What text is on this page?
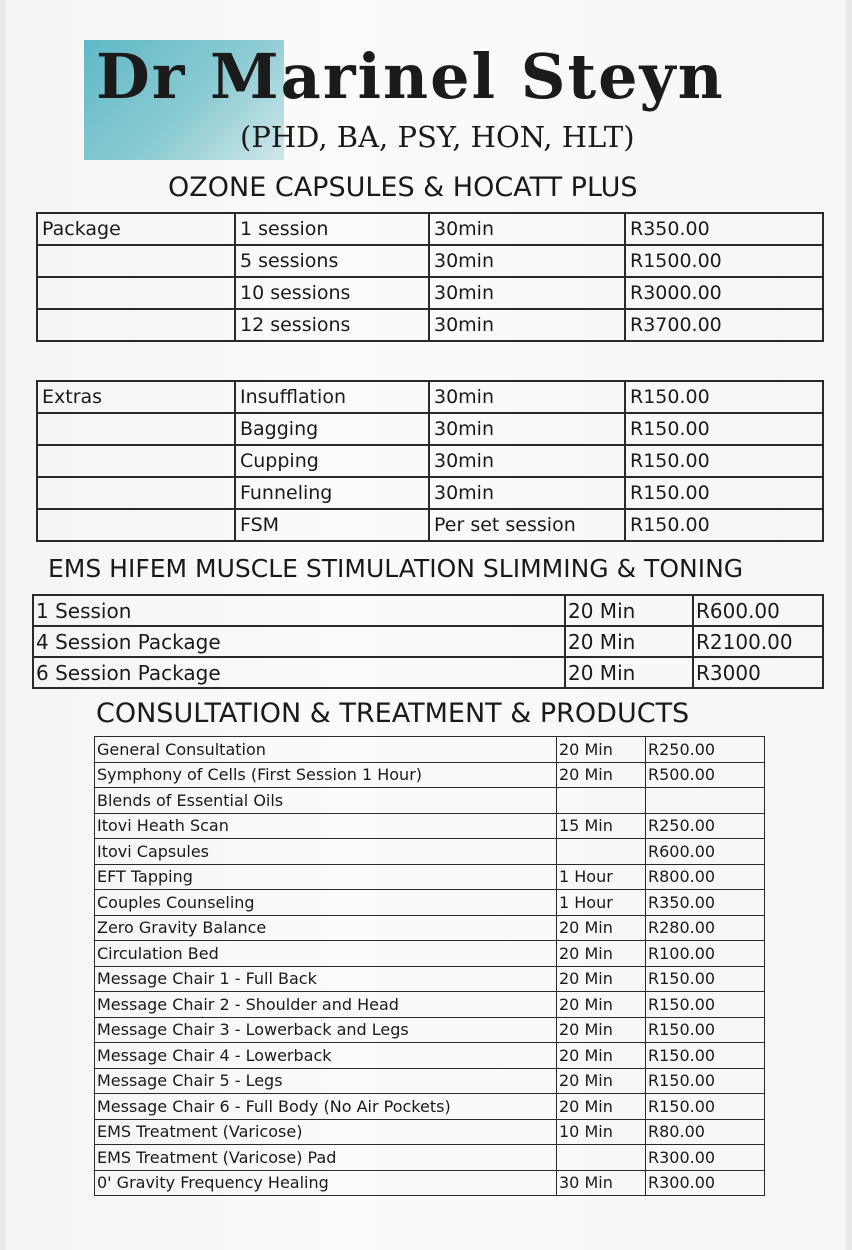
Dr Marinel Steyn
(PHD, BA, PSY, HON, HLT)
OZONE CAPSULES & HOCATT PLUS
Package	1 session	30min	R350.00
	5 sessions	30min	R1500.00
	10 sessions	30min	R3000.00
	12 sessions	30min	R3700.00
Extras	Insufflation	30min	R150.00
	Bagging	30min	R150.00
	Cupping	30min	R150.00
	Funneling	30min	R150.00
	FSM	Per set session	R150.00
EMS HIFEM MUSCLE STIMULATION SLIMMING & TONING
1 Session	20 Min	R600.00
4 Session Package	20 Min	R2100.00
6 Session Package	20 Min	R3000
CONSULTATION & TREATMENT & PRODUCTS
General Consultation	20 Min	R250.00
Symphony of Cells (First Session 1 Hour)	20 Min	R500.00
Blends of Essential Oils		
Itovi Heath Scan	15 Min	R250.00
Itovi Capsules		R600.00
EFT Tapping	1 Hour	R800.00
Couples Counseling	1 Hour	R350.00
Zero Gravity Balance	20 Min	R280.00
Circulation Bed	20 Min	R100.00
Message Chair 1 - Full Back	20 Min	R150.00
Message Chair 2 - Shoulder and Head	20 Min	R150.00
Message Chair 3 - Lowerback and Legs	20 Min	R150.00
Message Chair 4 - Lowerback	20 Min	R150.00
Message Chair 5 - Legs	20 Min	R150.00
Message Chair 6 - Full Body (No Air Pockets)	20 Min	R150.00
EMS Treatment (Varicose)	10 Min	R80.00
EMS Treatment (Varicose) Pad		R300.00
0' Gravity Frequency Healing	30 Min	R300.00
